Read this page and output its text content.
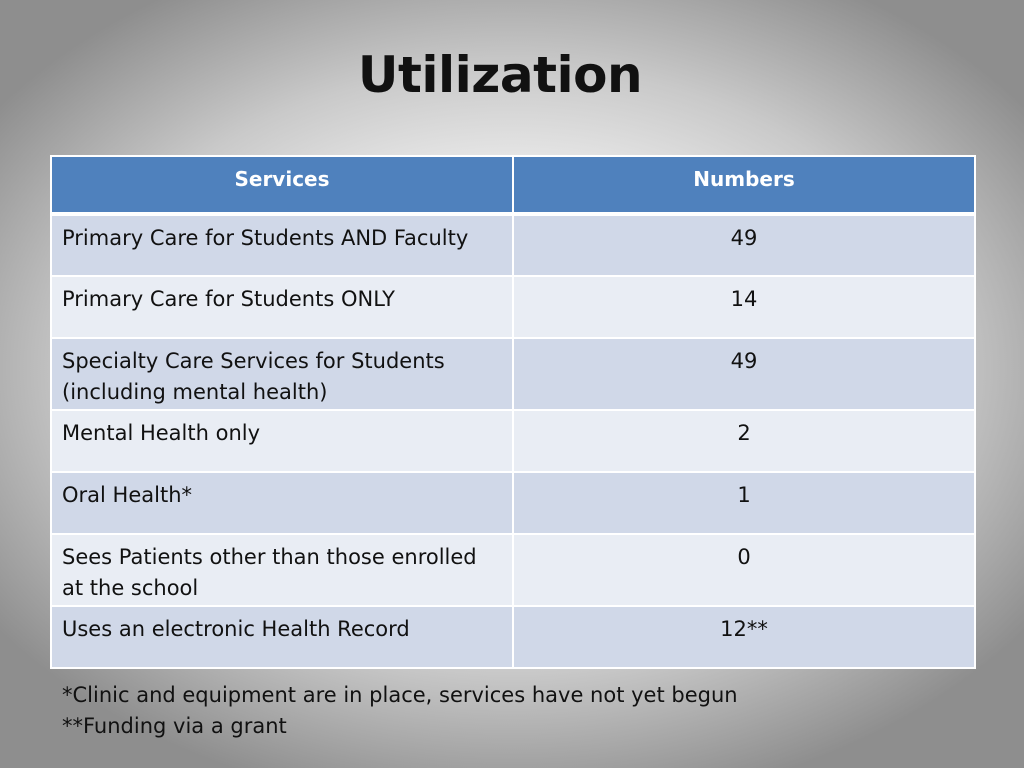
Utilization
Services	Numbers
Primary Care for Students AND Faculty	49
Primary Care for Students ONLY	14
Specialty Care Services for Students (including mental health)	49
Mental Health only	2
Oral Health*	1
Sees Patients other than those enrolled at the school	0
Uses an electronic Health Record	12**
*Clinic and equipment are in place, services have not yet begun
**Funding via a grant
